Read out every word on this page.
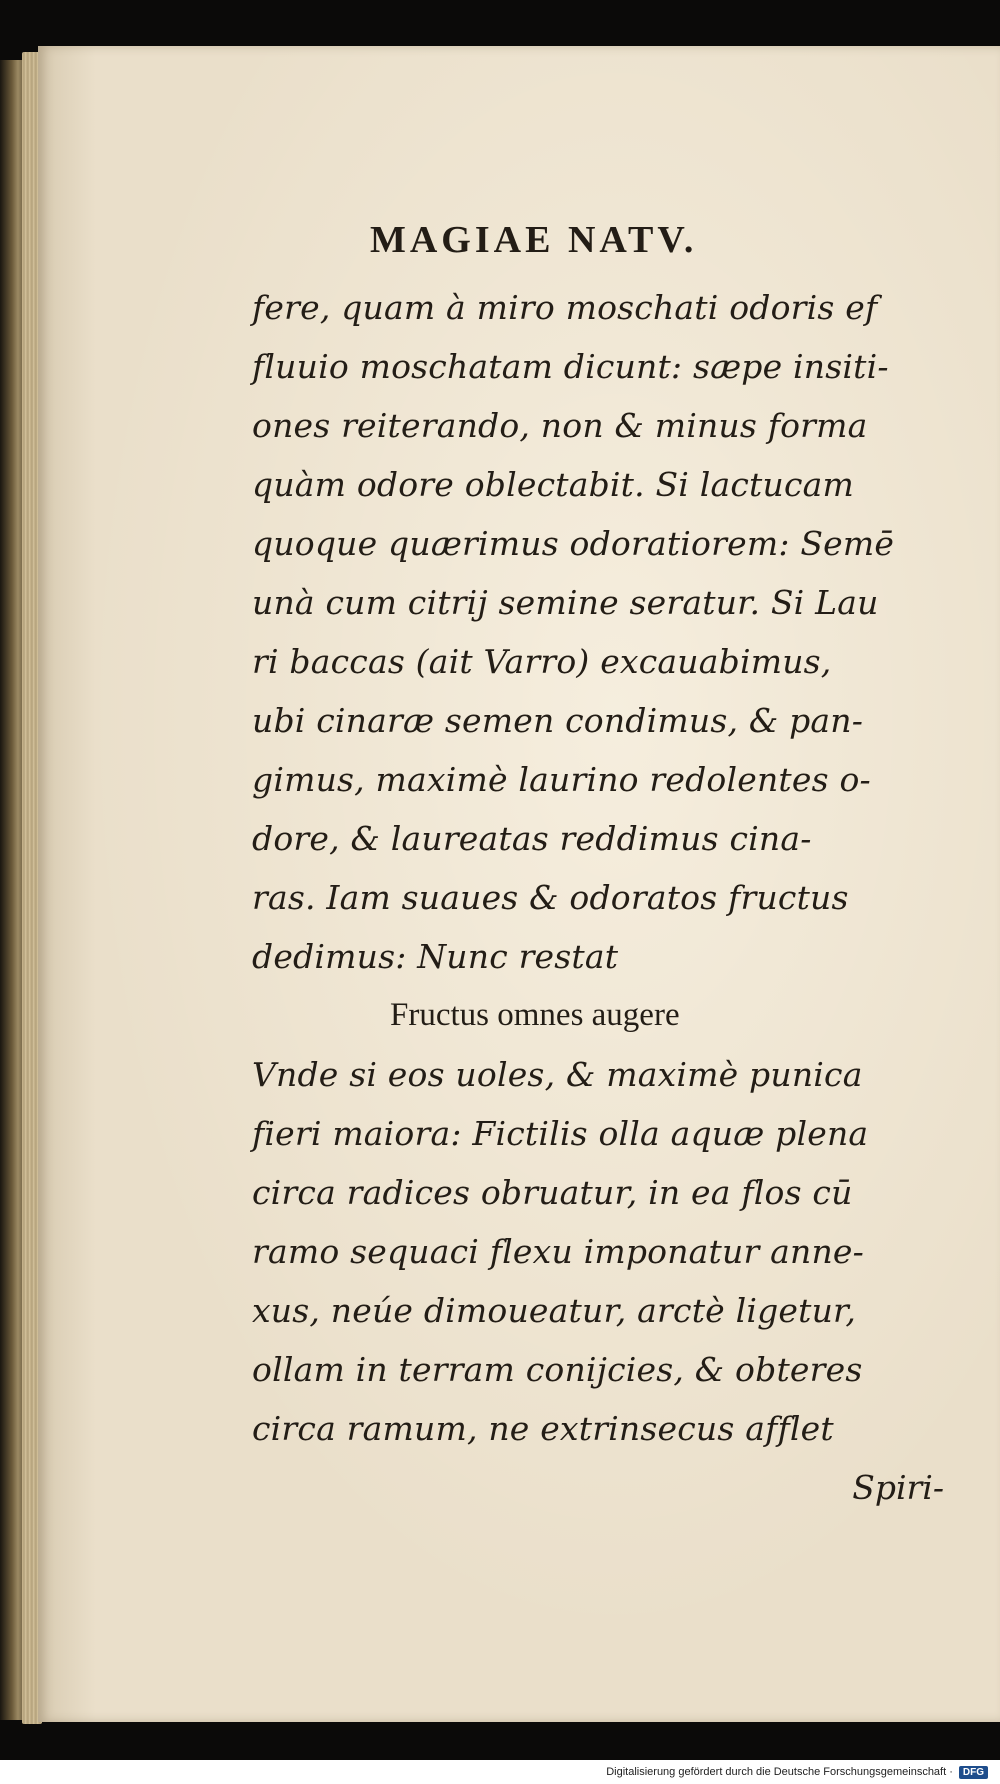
MAGIAE NATV.
fere, quam à miro moschati odoris ef
fluuio moschatam dicunt: sæpe insiti-
ones reiterando, non & minus forma
quàm odore oblectabit. Si lactucam
quoque quærimus odoratiorem: Semē
unà cum citrij semine seratur. Si Lau
ri baccas (ait Varro) excauabimus,
ubi cinaræ semen condimus, & pan-
gimus, maximè laurino redolentes o-
dore, & laureatas reddimus cina-
ras. Iam suaues & odoratos fructus
dedimus: Nunc restat
Fructus omnes augere
Vnde si eos uoles, & maximè punica
fieri maiora: Fictilis olla aquæ plena
circa radices obruatur, in ea flos cū
ramo sequaci flexu imponatur anne-
xus, neúe dimoueatur, arctè ligetur,
ollam in terram conijcies, & obteres
circa ramum, ne extrinsecus afflet
Spiri-
Digitalisierung gefördert durch die Deutsche Forschungsgemeinschaft ·	DFG
